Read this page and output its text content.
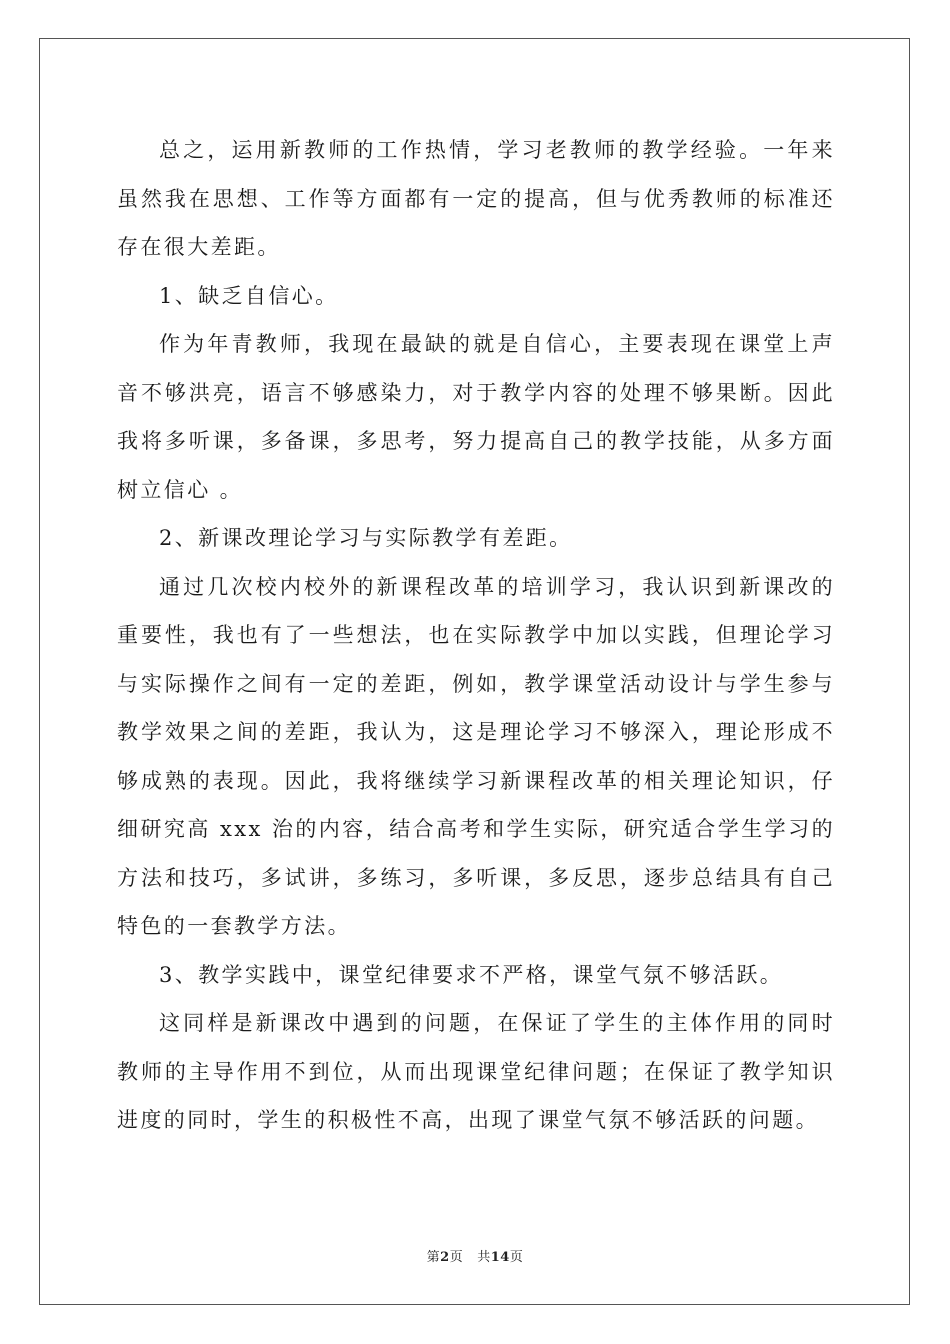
总之，运用新教师的工作热情，学习老教师的教学经验。一年来虽然我在思想、工作等方面都有一定的提高，但与优秀教师的标准还存在很大差距。

1、缺乏自信心。

作为年青教师，我现在最缺的就是自信心，主要表现在课堂上声音不够洪亮，语言不够感染力，对于教学内容的处理不够果断。因此我将多听课，多备课，多思考，努力提高自己的教学技能，从多方面树立信心 。

2、新课改理论学习与实际教学有差距。

通过几次校内校外的新课程改革的培训学习，我认识到新课改的重要性，我也有了一些想法，也在实际教学中加以实践，但理论学习与实际操作之间有一定的差距，例如，教学课堂活动设计与学生参与教学效果之间的差距，我认为，这是理论学习不够深入，理论形成不够成熟的表现。因此，我将继续学习新课程改革的相关理论知识，仔细研究高 xxx 治的内容，结合高考和学生实际，研究适合学生学习的方法和技巧，多试讲，多练习，多听课，多反思，逐步总结具有自己特色的一套教学方法。

3、教学实践中，课堂纪律要求不严格，课堂气氛不够活跃。

这同样是新课改中遇到的问题，在保证了学生的主体作用的同时教师的主导作用不到位，从而出现课堂纪律问题；在保证了教学知识进度的同时，学生的积极性不高，出现了课堂气氛不够活跃的问题。

第2页 共14页
